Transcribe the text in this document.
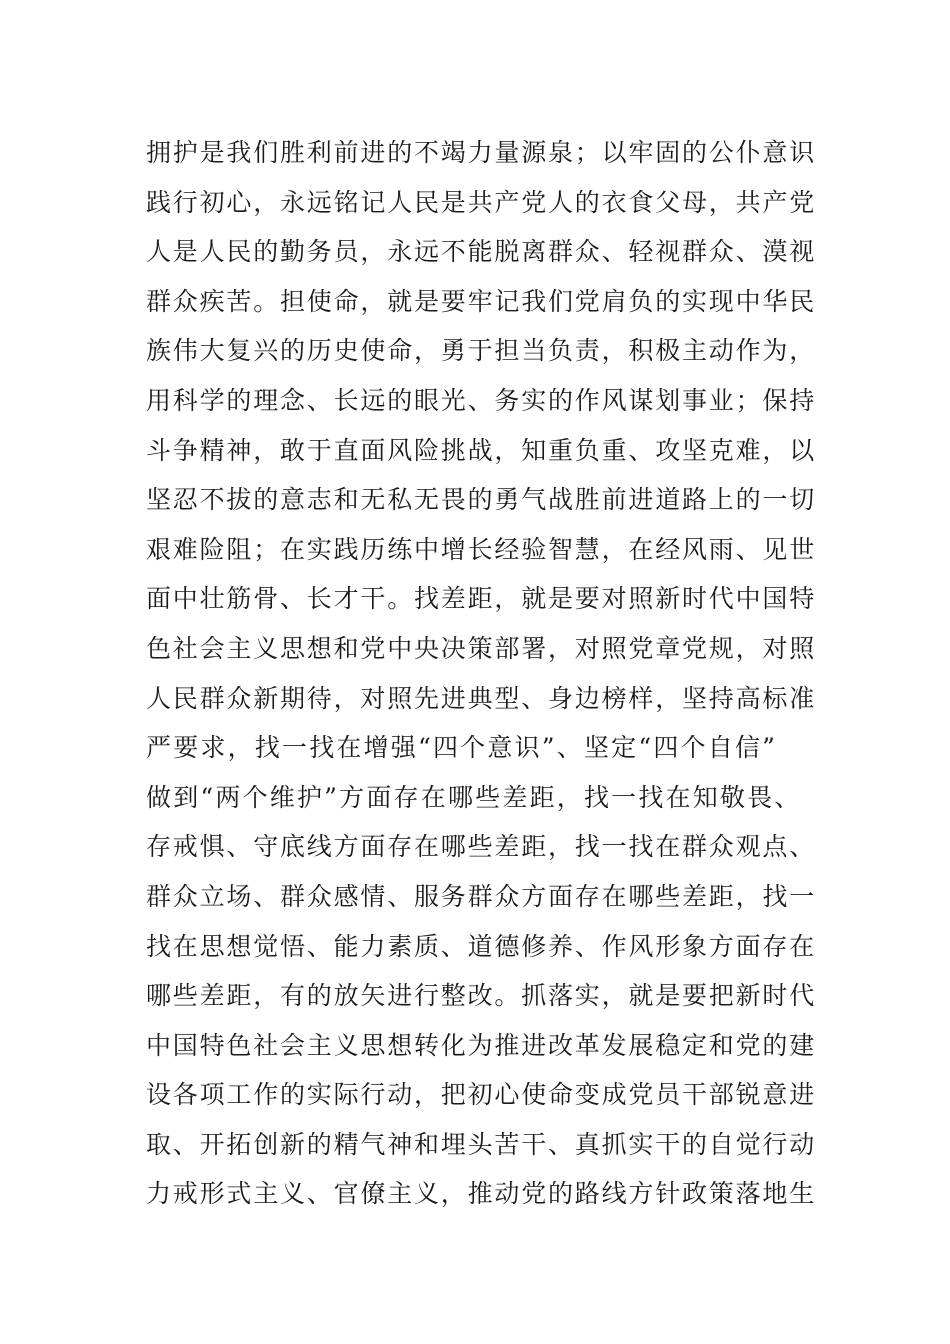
拥护是我们胜利前进的不竭力量源泉；以牢固的公仆意识
践行初心，永远铭记人民是共产党人的衣食父母，共产党
人是人民的勤务员，永远不能脱离群众、轻视群众、漠视
群众疾苦。担使命，就是要牢记我们党肩负的实现中华民
族伟大复兴的历史使命，勇于担当负责，积极主动作为，
用科学的理念、长远的眼光、务实的作风谋划事业；保持
斗争精神，敢于直面风险挑战，知重负重、攻坚克难，以
坚忍不拔的意志和无私无畏的勇气战胜前进道路上的一切
艰难险阻；在实践历练中增长经验智慧，在经风雨、见世
面中壮筋骨、长才干。找差距，就是要对照新时代中国特
色社会主义思想和党中央决策部署，对照党章党规，对照
人民群众新期待，对照先进典型、身边榜样，坚持高标准
严要求，找一找在增强“四个意识”、坚定“四个自信”
做到“两个维护”方面存在哪些差距，找一找在知敬畏、
存戒惧、守底线方面存在哪些差距，找一找在群众观点、
群众立场、群众感情、服务群众方面存在哪些差距，找一
找在思想觉悟、能力素质、道德修养、作风形象方面存在
哪些差距，有的放矢进行整改。抓落实，就是要把新时代
中国特色社会主义思想转化为推进改革发展稳定和党的建
设各项工作的实际行动，把初心使命变成党员干部锐意进
取、开拓创新的精气神和埋头苦干、真抓实干的自觉行动
力戒形式主义、官僚主义，推动党的路线方针政策落地生
